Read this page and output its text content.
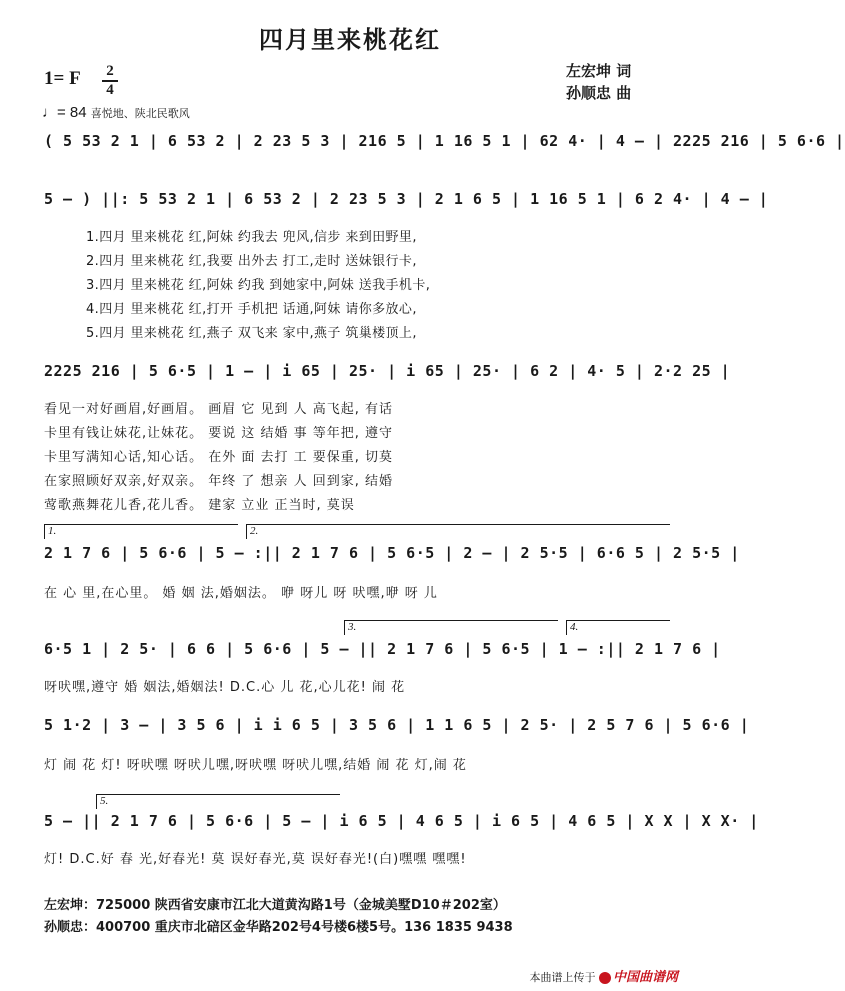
四月里来桃花红
1= F 2
4
左宏坤 词
孙顺忠 曲
♩= 84 喜悦地、陕北民歌风
( 5 53 2 1 | 6 53 2 | 2 23 5 3 | 216 5 | 1 16 5 1 | 62 4· | 4 – | 2225 216 | 5 6·6 |
5 – ) ||: 5 53 2 1 | 6 53 2 | 2 23 5 3 | 2 1 6 5 | 1 16 5 1 | 6 2 4· | 4 – |
1.四月 里来桃花 红,阿妹 约我去 兜风,信步 来到田野里,
2.四月 里来桃花 红,我要 出外去 打工,走时 送妹银行卡,
3.四月 里来桃花 红,阿妹 约我 到她家中,阿妹 送我手机卡,
4.四月 里来桃花 红,打开 手机把 话通,阿妹 请你多放心,
5.四月 里来桃花 红,燕子 双飞来 家中,燕子 筑巢楼顶上,
2225 216 | 5 6·5 | 1 – | i 65 | 25· | i 65 | 25· | 6 2 | 4· 5 | 2·2 25 |
看见一对好画眉,好画眉。 画眉 它 见到 人 高飞起, 有话
卡里有钱让妹花,让妹花。 要说 这 结婚 事 等年把, 遵守
卡里写满知心话,知心话。 在外 面 去打 工 要保重, 切莫
在家照顾好双亲,好双亲。 年终 了 想亲 人 回到家, 结婚
莺歌燕舞花儿香,花儿香。 建家 立业 正当时, 莫误
1.	2.
2 1 7 6 | 5 6·6 | 5 – :|| 2 1 7 6 | 5 6·5 | 2 – | 2 5·5 | 6·6 5 | 2 5·5 |
在 心 里,在心里。 婚 姻 法,婚姻法。 咿 呀儿 呀 吠嘿,咿 呀 儿
3.	4.
6·5 1 | 2 5· | 6 6 | 5 6·6 | 5 – || 2 1 7 6 | 5 6·5 | 1 – :|| 2 1 7 6 |
呀吠嘿,遵守 婚 姻法,婚姻法! D.C.心 儿 花,心儿花! 闹 花
5 1·2 | 3 – | 3 5 6 | i i 6 5 | 3 5 6 | 1 1 6 5 | 2 5· | 2 5 7 6 | 5 6·6 |
灯 闹 花 灯! 呀吠嘿 呀吠儿嘿,呀吠嘿 呀吠儿嘿,结婚 闹 花 灯,闹 花
5.
5 – || 2 1 7 6 | 5 6·6 | 5 – | i 6 5 | 4 6 5 | i 6 5 | 4 6 5 | X X | X X· |
灯! D.C.好 春 光,好春光! 莫 误好春光,莫 误好春光!(白)嘿嘿 嘿嘿!
左宏坤：725000 陕西省安康市江北大道黄沟路1号（金城美墅D10＃202室）
孙顺忠：400700 重庆市北碚区金华路202号4号楼6楼5号。136 1835 9438
本曲谱上传于 中国曲谱网
